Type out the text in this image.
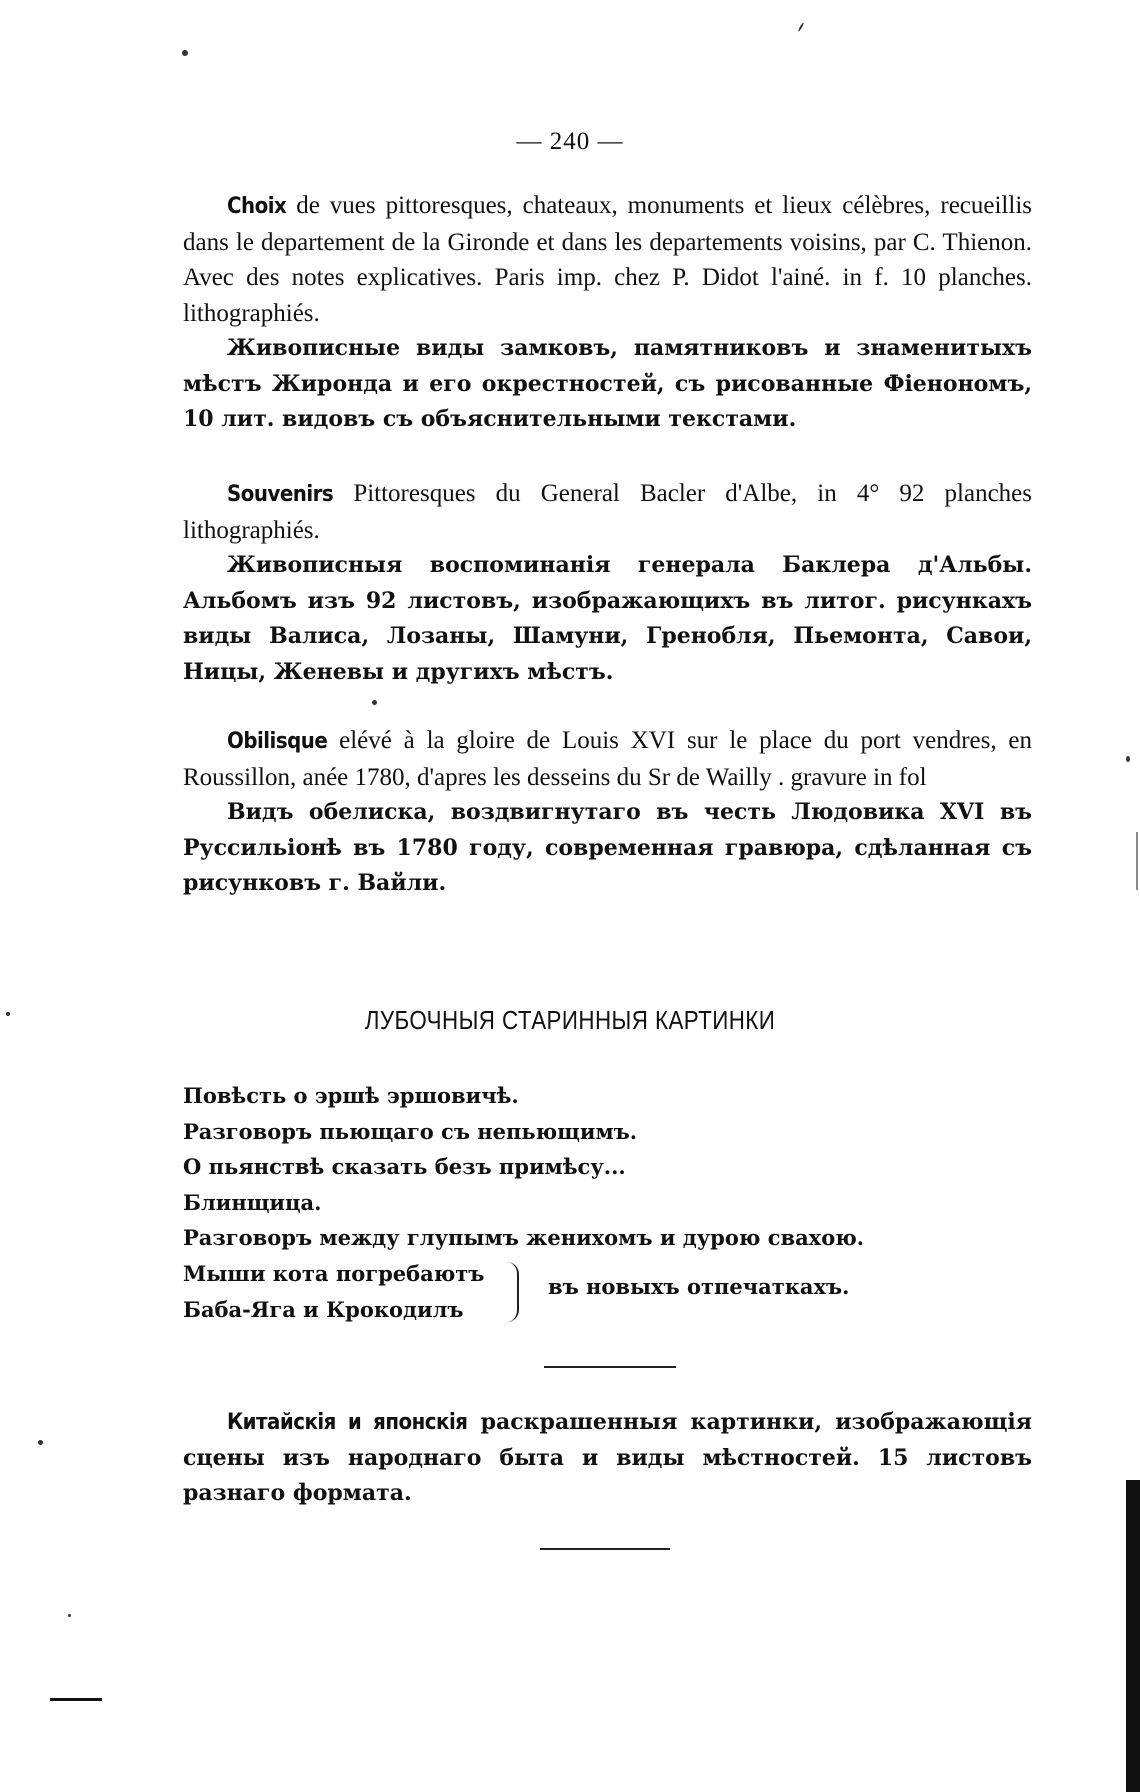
— 240 —

Choix de vues pittoresques, chateaux, monuments et lieux célèbres, recueillis dans le departement de la Gironde et dans les departements voisins, par C. Thienon. Avec des notes explicatives. Paris imp. chez P. Didot l'ainé. in f. 10 planches. lithographiés.

Живописные виды замковъ, памятниковъ и знаменитыхъ мѣстъ Жиронда и его окрестностей, съ рисованные Фіенономъ, 10 лит. видовъ съ объяснительными текстами.

Souvenirs Pittoresques du General Bacler d'Albe, in 4° 92 planches lithographiés.

Живописныя воспоминанія генерала Баклера д'Альбы. Альбомъ изъ 92 листовъ, изображающихъ въ литог. рисункахъ виды Валиса, Лозаны, Шамуни, Гренобля, Пьемонта, Савои, Ницы, Женевы и другихъ мѣстъ.

Obilisque elévé à la gloire de Louis XVI sur le place du port vendres, en Roussillon, anée 1780, d'apres les desseins du Sr de Wailly . gravure in fol

Видъ обелиска, воздвигнутаго въ честь Людовика XVI въ Руссильіонѣ въ 1780 году, современная гравюра, сдѣланная съ рисунковъ г. Вайли.

ЛУБОЧНЫЯ СТАРИННЫЯ КАРТИНКИ
Повѣсть о эршѣ эршовичѣ.
Разговоръ пьющаго съ непьющимъ.
О пьянствѣ сказать безъ примѣсу...
Блинщица.
Разговоръ между глупымъ женихомъ и дурою свахою.
Мыши кота погребаютъ
Баба-Яга и Крокодилъ
въ новыхъ отпечаткахъ.

Китайскія и японскія раскрашенныя картинки, изображающія сцены изъ народнаго быта и виды мѣстностей. 15 листовъ разнаго формата.
